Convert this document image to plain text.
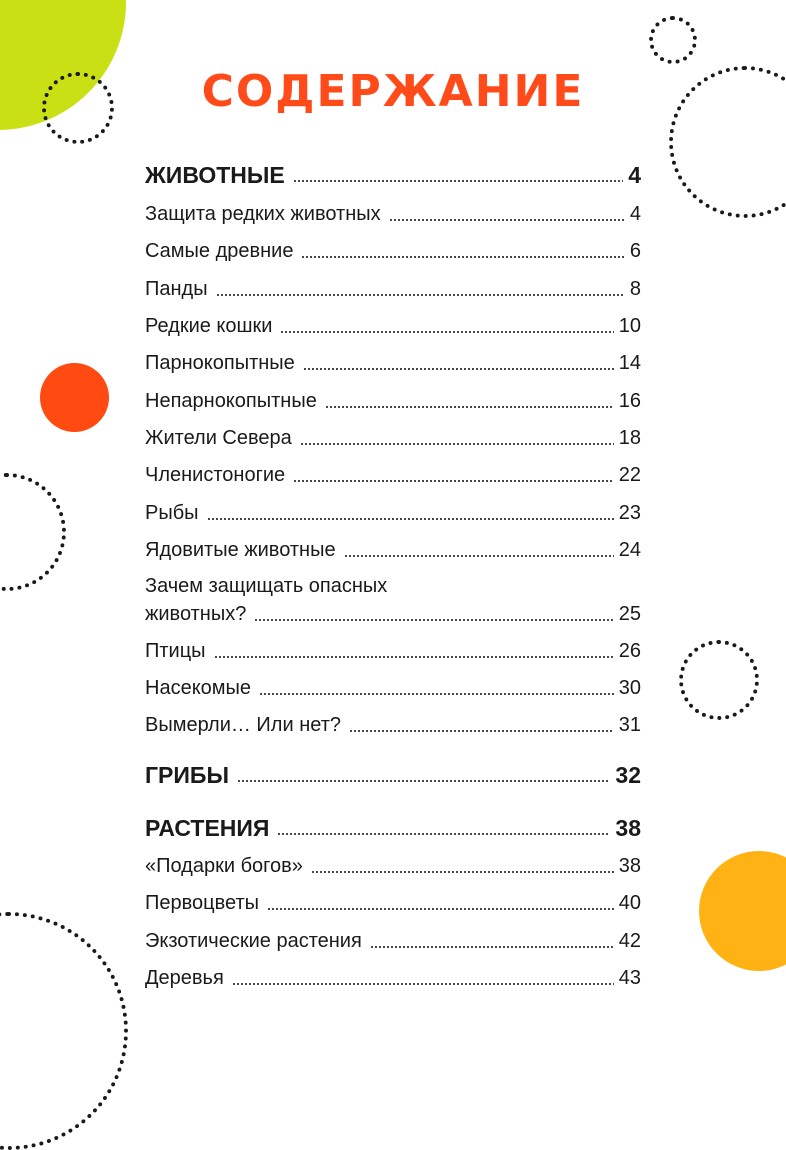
СОДЕРЖАНИЕ
ЖИВОТНЫЕ	4
Защита редких животных	4
Самые древние	6
Панды	8
Редкие кошки	10
Парнокопытные	14
Непарнокопытные	16
Жители Севера	18
Членистоногие	22
Рыбы	23
Ядовитые животные	24
Зачем защищать опасных
животных?	25
Птицы	26
Насекомые	30
Вымерли… Или нет?	31
ГРИБЫ	32
РАСТЕНИЯ	38
«Подарки богов»	38
Первоцветы	40
Экзотические растения	42
Деревья	43
